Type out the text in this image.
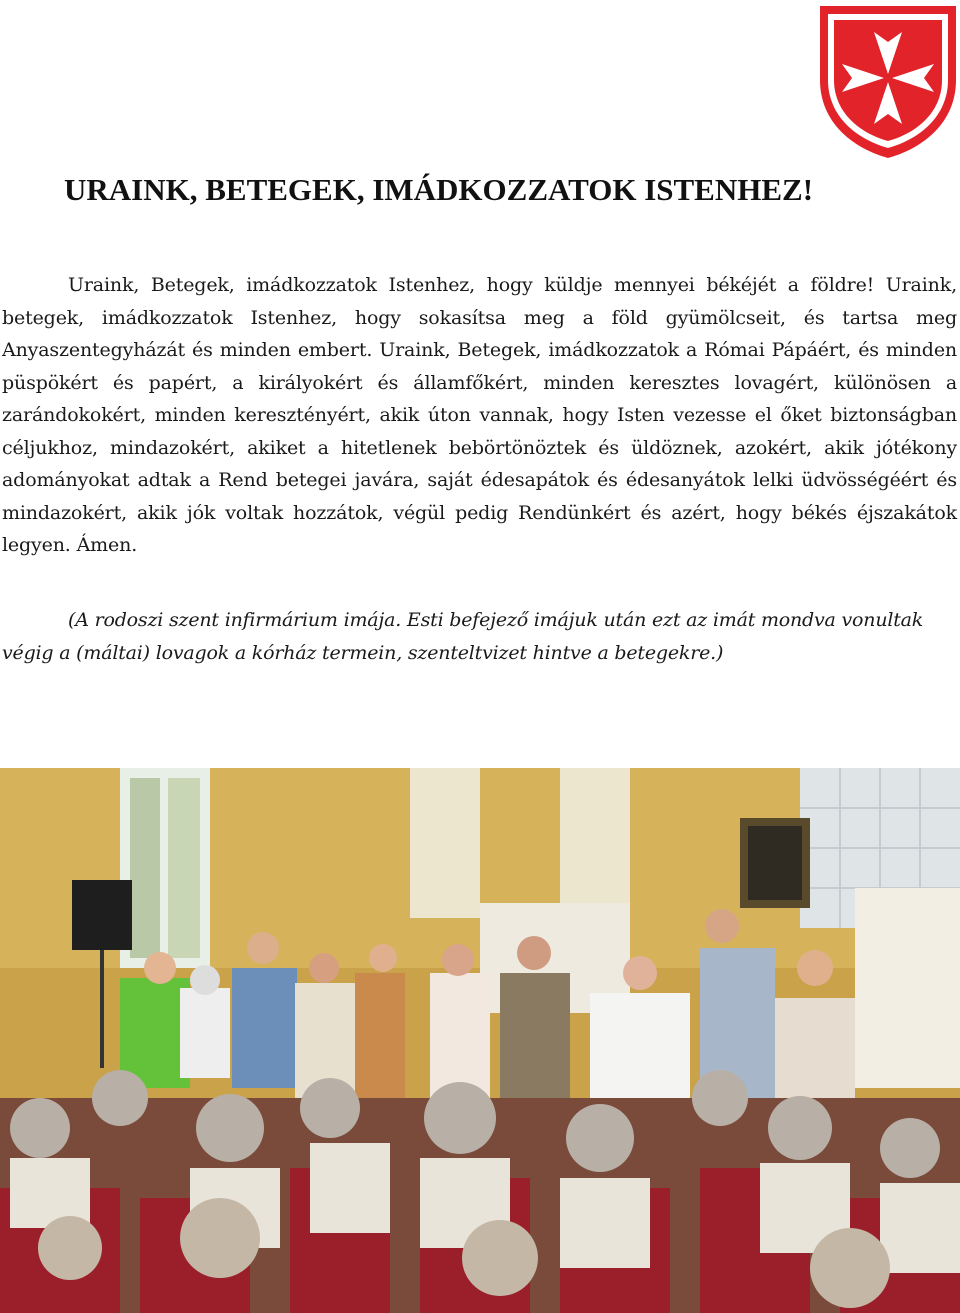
URAINK, BETEGEK, IMÁDKOZZATOK ISTENHEZ!

Uraink, Betegek, imádkozzatok Istenhez, hogy küldje mennyei békéjét a földre! Uraink, betegek, imádkozzatok Istenhez, hogy sokasítsa meg a föld gyümölcseit, és tartsa meg Anyaszentegyházát és minden embert. Uraink, Betegek, imádkozzatok a Római Pápáért, és minden püspökért és papért, a királyokért és államfőkért, minden keresztes lovagért, különösen a zarándokokért, minden keresztényért, akik úton vannak, hogy Isten vezesse el őket biztonságban céljukhoz, mindazokért, akiket a hitetlenek bebörtönöztek és üldöznek, azokért, akik jótékony adományokat adtak a Rend betegei javára, saját édesapátok és édesanyátok lelki üdvösségéért és mindazokért, akik jók voltak hozzátok, végül pedig Rendünkért és azért, hogy békés éjszakátok legyen. Ámen.

(A rodoszi szent infirmárium imája. Esti befejező imájuk után ezt az imát mondva vonultak végig a (máltai) lovagok a kórház termein, szenteltvizet hintve a betegekre.)
